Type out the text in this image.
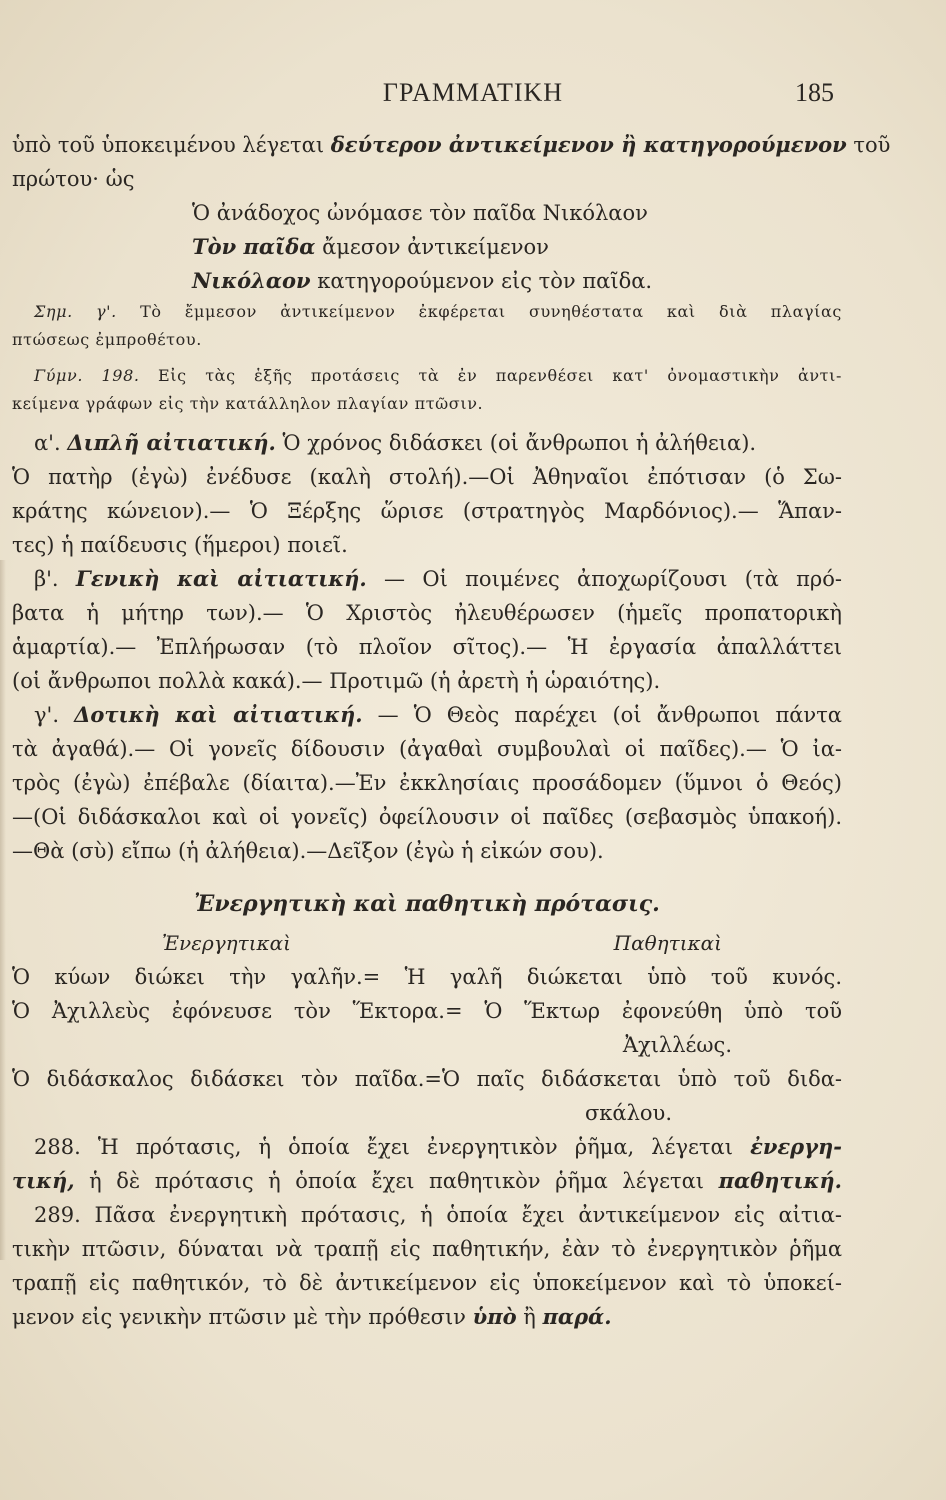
ΓΡΑΜΜΑΤΙΚΗ	185
ὑπὸ τοῦ ὑποκειμένου λέγεται δεύτερον ἀντικείμενον ἢ κατηγορούμενον τοῦ
πρώτου· ὡς
Ὁ ἀνάδοχος ὠνόμασε τὸν παῖδα Νικόλαον
Τὸν παῖδα ἄμεσον ἀντικείμενον
Νικόλαον κατηγορούμενον εἰς τὸν παῖδα.
Σημ. γ'. Τὸ ἔμμεσον ἀντικείμενον ἐκφέρεται συνηθέστατα καὶ διὰ πλαγίας
πτώσεως ἐμπροθέτου.
Γύμν. 198. Εἰς τὰς ἑξῆς προτάσεις τὰ ἐν παρενθέσει κατ' ὀνομαστικὴν ἀντι-
κείμενα γράφων εἰς τὴν κατάλληλον πλαγίαν πτῶσιν.
α'. Διπλῆ αἰτιατική. Ὁ χρόνος διδάσκει (οἱ ἄνθρωποι ἡ ἀλήθεια).
Ὁ πατὴρ (ἐγὼ) ἐνέδυσε (καλὴ στολή).—Οἱ Ἀθηναῖοι ἐπότισαν (ὁ Σω-
κράτης κώνειον).— Ὁ Ξέρξης ὥρισε (στρατηγὸς Μαρδόνιος).— Ἅπαν-
τες) ἡ παίδευσις (ἥμεροι) ποιεῖ.
β'. Γενικὴ καὶ αἰτιατική. — Οἱ ποιμένες ἀποχωρίζουσι (τὰ πρό-
βατα ἡ μήτηρ των).— Ὁ Χριστὸς ἠλευθέρωσεν (ἡμεῖς προπατορικὴ
ἁμαρτία).— Ἐπλήρωσαν (τὸ πλοῖον σῖτος).— Ἡ ἐργασία ἀπαλλάττει
(οἱ ἄνθρωποι πολλὰ κακά).— Προτιμῶ (ἡ ἀρετὴ ἡ ὡραιότης).
γ'. Δοτικὴ καὶ αἰτιατική. — Ὁ Θεὸς παρέχει (οἱ ἄνθρωποι πάντα
τὰ ἀγαθά).— Οἱ γονεῖς δίδουσιν (ἀγαθαὶ συμβουλαὶ οἱ παῖδες).— Ὁ ἰα-
τρὸς (ἐγὼ) ἐπέβαλε (δίαιτα).—Ἐν ἐκκλησίαις προσάδομεν (ὕμνοι ὁ Θεός)
—(Οἱ διδάσκαλοι καὶ οἱ γονεῖς) ὀφείλουσιν οἱ παῖδες (σεβασμὸς ὑπακοή).
—Θὰ (σὺ) εἴπω (ἡ ἀλήθεια).—Δεῖξον (ἐγὼ ἡ εἰκών σου).
Ἐνεργητικὴ καὶ παθητικὴ πρότασις.
Ἐνεργητικαὶ	Παθητικαὶ
Ὁ κύων διώκει τὴν γαλῆν.= Ἡ γαλῆ διώκεται ὑπὸ τοῦ κυνός.
Ὁ Ἀχιλλεὺς ἐφόνευσε τὸν Ἕκτορα.= Ὁ Ἕκτωρ ἐφονεύθη ὑπὸ τοῦ
Ἀχιλλέως.
Ὁ διδάσκαλος διδάσκει τὸν παῖδα.=Ὁ παῖς διδάσκεται ὑπὸ τοῦ διδα-
σκάλου.
288. Ἡ πρότασις, ἡ ὁποία ἔχει ἐνεργητικὸν ῥῆμα, λέγεται ἐνεργη-
τική, ἡ δὲ πρότασις ἡ ὁποία ἔχει παθητικὸν ῥῆμα λέγεται παθητική.
289. Πᾶσα ἐνεργητικὴ πρότασις, ἡ ὁποία ἔχει ἀντικείμενον εἰς αἰτια-
τικὴν πτῶσιν, δύναται νὰ τραπῇ εἰς παθητικήν, ἐὰν τὸ ἐνεργητικὸν ῥῆμα
τραπῇ εἰς παθητικόν, τὸ δὲ ἀντικείμενον εἰς ὑποκείμενον καὶ τὸ ὑποκεί-
μενον εἰς γενικὴν πτῶσιν μὲ τὴν πρόθεσιν ὑπὸ ἢ παρά.
